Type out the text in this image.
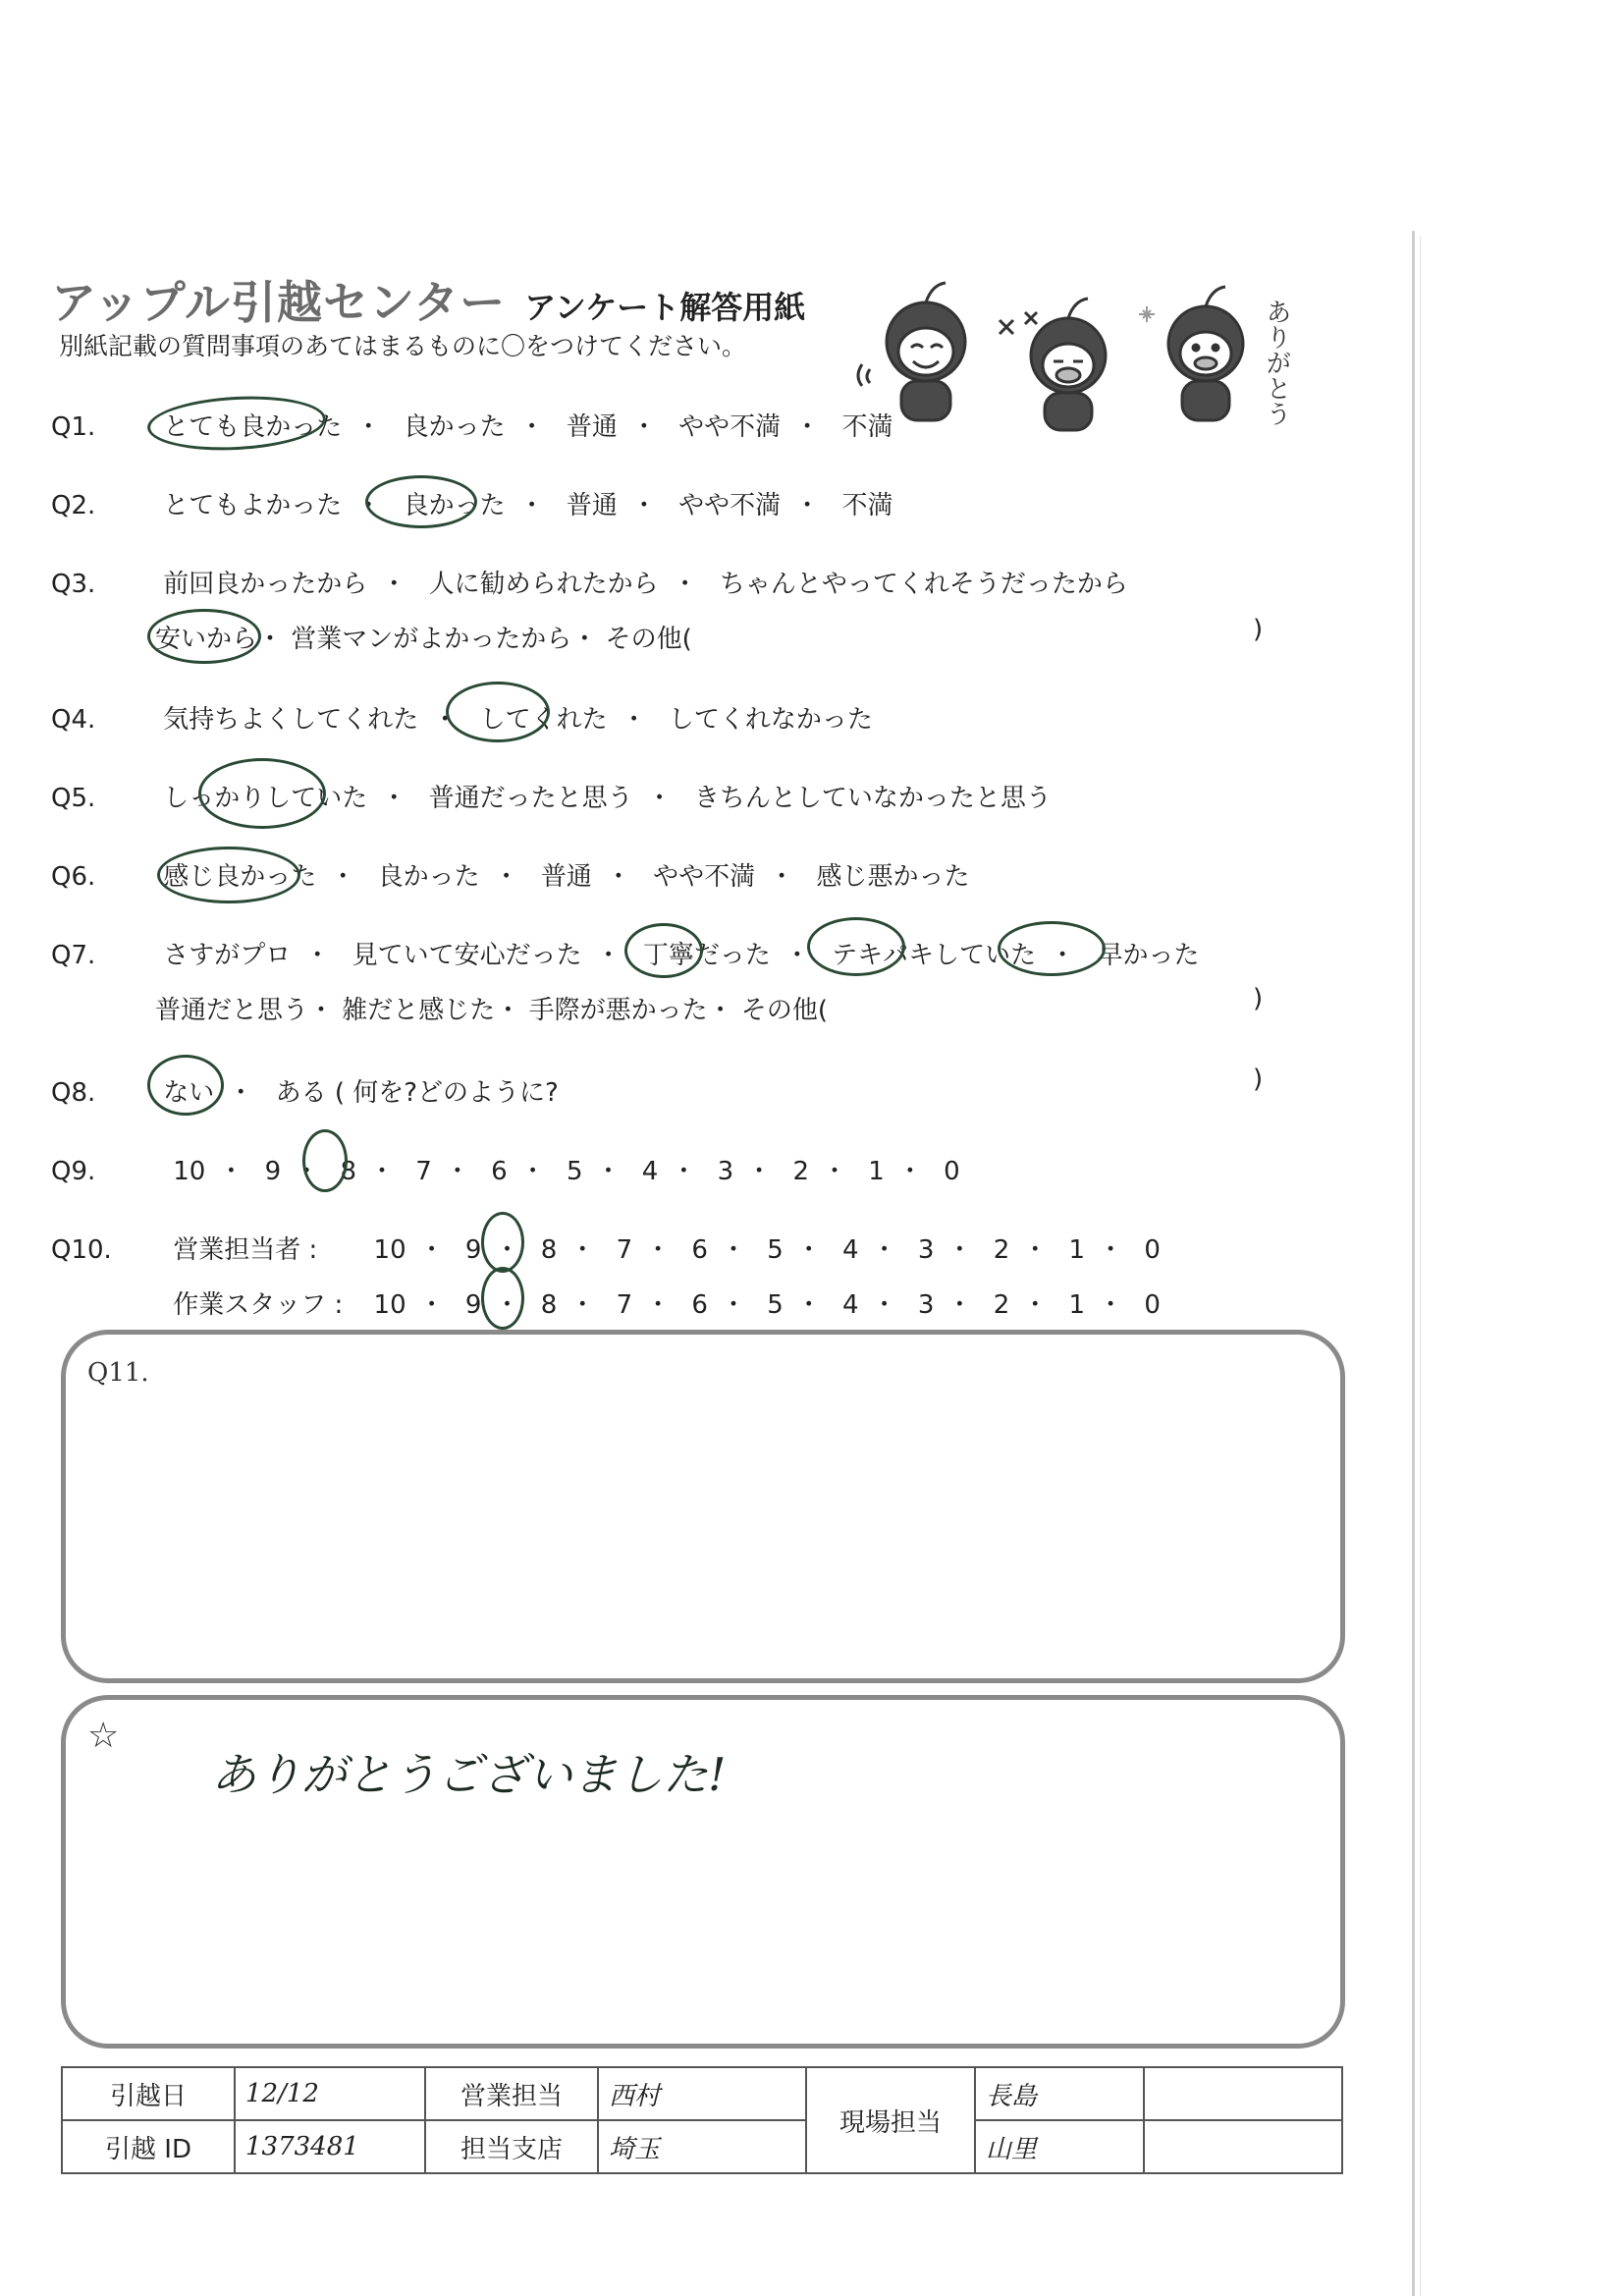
アップル引越センター アンケート解答用紙
別紙記載の質問事項のあてはまるものに〇をつけてください。	ありがとう
Q1.	とても良かった ・ 良かった ・ 普通 ・ やや不満 ・ 不満
Q2.	とてもよかった ・ 良かった ・ 普通 ・ やや不満 ・ 不満
Q3.	前回良かったから ・ 人に勧められたから ・ ちゃんとやってくれそうだったから
安いから・ 営業マンがよかったから・ その他(	)
Q4.	気持ちよくしてくれた ・ してくれた ・ してくれなかった
Q5.	しっかりしていた ・ 普通だったと思う ・ きちんとしていなかったと思う
Q6.	感じ良かった ・ 良かった ・ 普通 ・ やや不満 ・ 感じ悪かった
Q7.	さすがプロ ・ 見ていて安心だった ・ 丁寧だった ・ テキパキしていた ・ 早かった
普通だと思う・ 雑だと感じた・ 手際が悪かった・ その他(	)
Q8.	ない ・ ある ( 何を?どのように?	)
Q9.	10 ・ 9 ・ 8 ・ 7 ・ 6 ・ 5 ・ 4 ・ 3 ・ 2 ・ 1 ・ 0
Q10. 営業担当者 : 10 ・ 9 ・ 8 ・ 7 ・ 6 ・ 5 ・ 4 ・ 3 ・ 2 ・ 1 ・ 0
作業スタッフ : 10 ・ 9 ・ 8 ・ 7 ・ 6 ・ 5 ・ 4 ・ 3 ・ 2 ・ 1 ・ 0
Q11.
☆
ありがとうございました!
引越日	12/12	営業担当	西村	現場担当	長島	
引越 ID	1373481	担当支店	埼玉		山里	
